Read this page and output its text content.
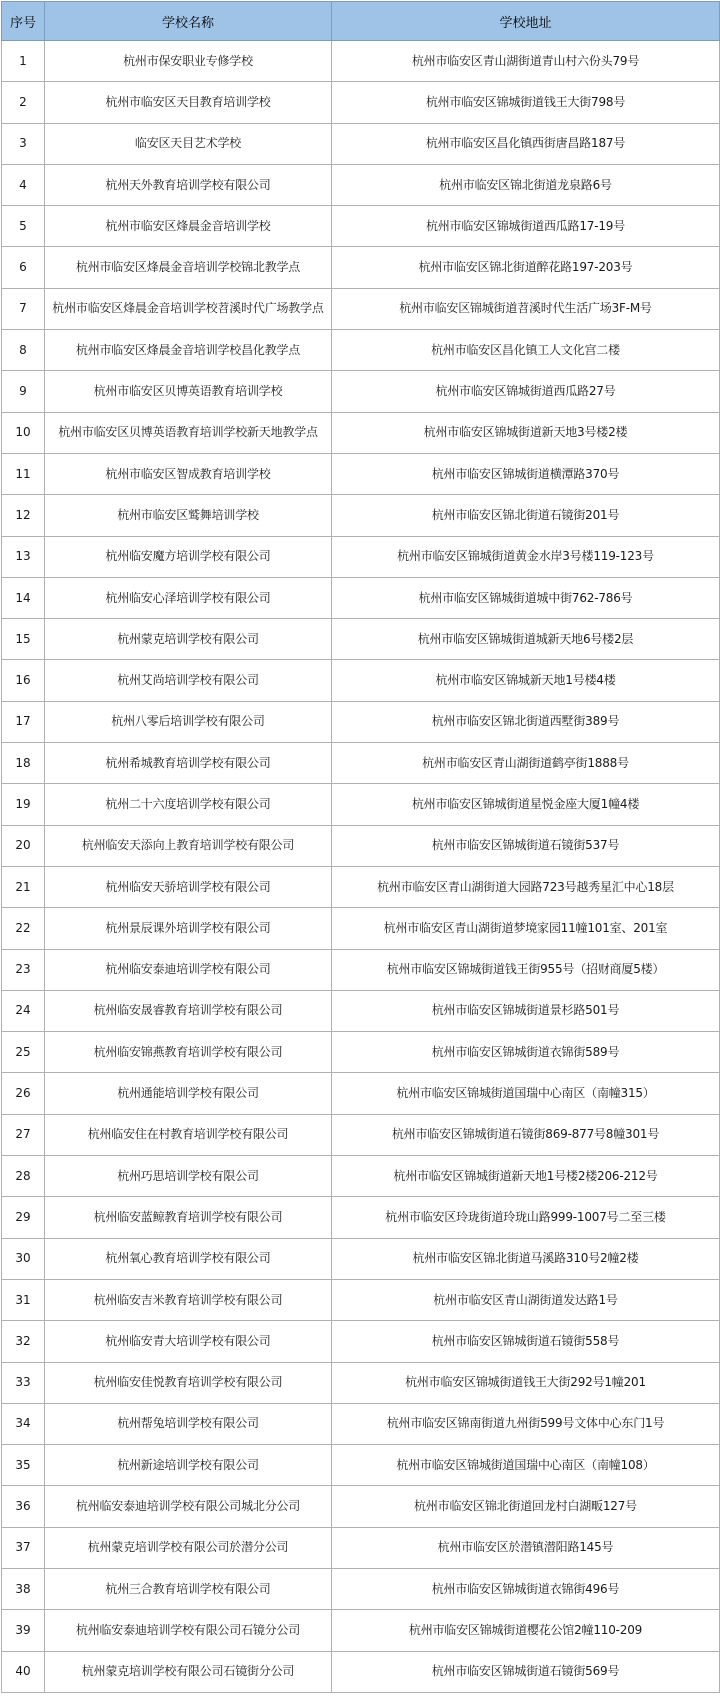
序号	学校名称	学校地址
1	杭州市保安职业专修学校	杭州市临安区青山湖街道青山村六份头79号
2	杭州市临安区天目教育培训学校	杭州市临安区锦城街道钱王大街798号
3	临安区天目艺术学校	杭州市临安区昌化镇西街唐昌路187号
4	杭州天外教育培训学校有限公司	杭州市临安区锦北街道龙泉路6号
5	杭州市临安区烽晨金音培训学校	杭州市临安区锦城街道西瓜路17-19号
6	杭州市临安区烽晨金音培训学校锦北教学点	杭州市临安区锦北街道醉花路197-203号
7	杭州市临安区烽晨金音培训学校苕溪时代广场教学点	杭州市临安区锦城街道苕溪时代生活广场3F-M号
8	杭州市临安区烽晨金音培训学校昌化教学点	杭州市临安区昌化镇工人文化宫二楼
9	杭州市临安区贝博英语教育培训学校	杭州市临安区锦城街道西瓜路27号
10	杭州市临安区贝博英语教育培训学校新天地教学点	杭州市临安区锦城街道新天地3号楼2楼
11	杭州市临安区智成教育培训学校	杭州市临安区锦城街道横潭路370号
12	杭州市临安区鹫舞培训学校	杭州市临安区锦北街道石镜街201号
13	杭州临安魔方培训学校有限公司	杭州市临安区锦城街道黄金水岸3号楼119-123号
14	杭州临安心泽培训学校有限公司	杭州市临安区锦城街道城中街762-786号
15	杭州蒙克培训学校有限公司	杭州市临安区锦城街道城新天地6号楼2层
16	杭州艾尚培训学校有限公司	杭州市临安区锦城新天地1号楼4楼
17	杭州八零后培训学校有限公司	杭州市临安区锦北街道西墅街389号
18	杭州希城教育培训学校有限公司	杭州市临安区青山湖街道鹤亭街1888号
19	杭州二十六度培训学校有限公司	杭州市临安区锦城街道星悦金座大厦1幢4楼
20	杭州临安天添向上教育培训学校有限公司	杭州市临安区锦城街道石镜街537号
21	杭州临安天骄培训学校有限公司	杭州市临安区青山湖街道大园路723号越秀星汇中心18层
22	杭州景辰课外培训学校有限公司	杭州市临安区青山湖街道梦境家园11幢101室、201室
23	杭州临安泰迪培训学校有限公司	杭州市临安区锦城街道钱王街955号（招财商厦5楼）
24	杭州临安晟睿教育培训学校有限公司	杭州市临安区锦城街道景杉路501号
25	杭州临安锦燕教育培训学校有限公司	杭州市临安区锦城街道衣锦街589号
26	杭州通能培训学校有限公司	杭州市临安区锦城街道国瑞中心南区（南幢315）
27	杭州临安住在村教育培训学校有限公司	杭州市临安区锦城街道石镜街869-877号8幢301号
28	杭州巧思培训学校有限公司	杭州市临安区锦城街道新天地1号楼2楼206-212号
29	杭州临安蓝鲸教育培训学校有限公司	杭州市临安区玲珑街道玲珑山路999-1007号二至三楼
30	杭州氧心教育培训学校有限公司	杭州市临安区锦北街道马溪路310号2幢2楼
31	杭州临安吉米教育培训学校有限公司	杭州市临安区青山湖街道发达路1号
32	杭州临安青大培训学校有限公司	杭州市临安区锦城街道石镜街558号
33	杭州临安佳悦教育培训学校有限公司	杭州市临安区锦城街道钱王大街292号1幢201
34	杭州帮兔培训学校有限公司	杭州市临安区锦南街道九州街599号文体中心东门1号
35	杭州新途培训学校有限公司	杭州市临安区锦城街道国瑞中心南区（南幢108）
36	杭州临安泰迪培训学校有限公司城北分公司	杭州市临安区锦北街道回龙村白湖畈127号
37	杭州蒙克培训学校有限公司於潜分公司	杭州市临安区於潜镇潜阳路145号
38	杭州三合教育培训学校有限公司	杭州市临安区锦城街道衣锦街496号
39	杭州临安泰迪培训学校有限公司石镜分公司	杭州市临安区锦城街道樱花公馆2幢110-209
40	杭州蒙克培训学校有限公司石镜街分公司	杭州市临安区锦城街道石镜街569号
